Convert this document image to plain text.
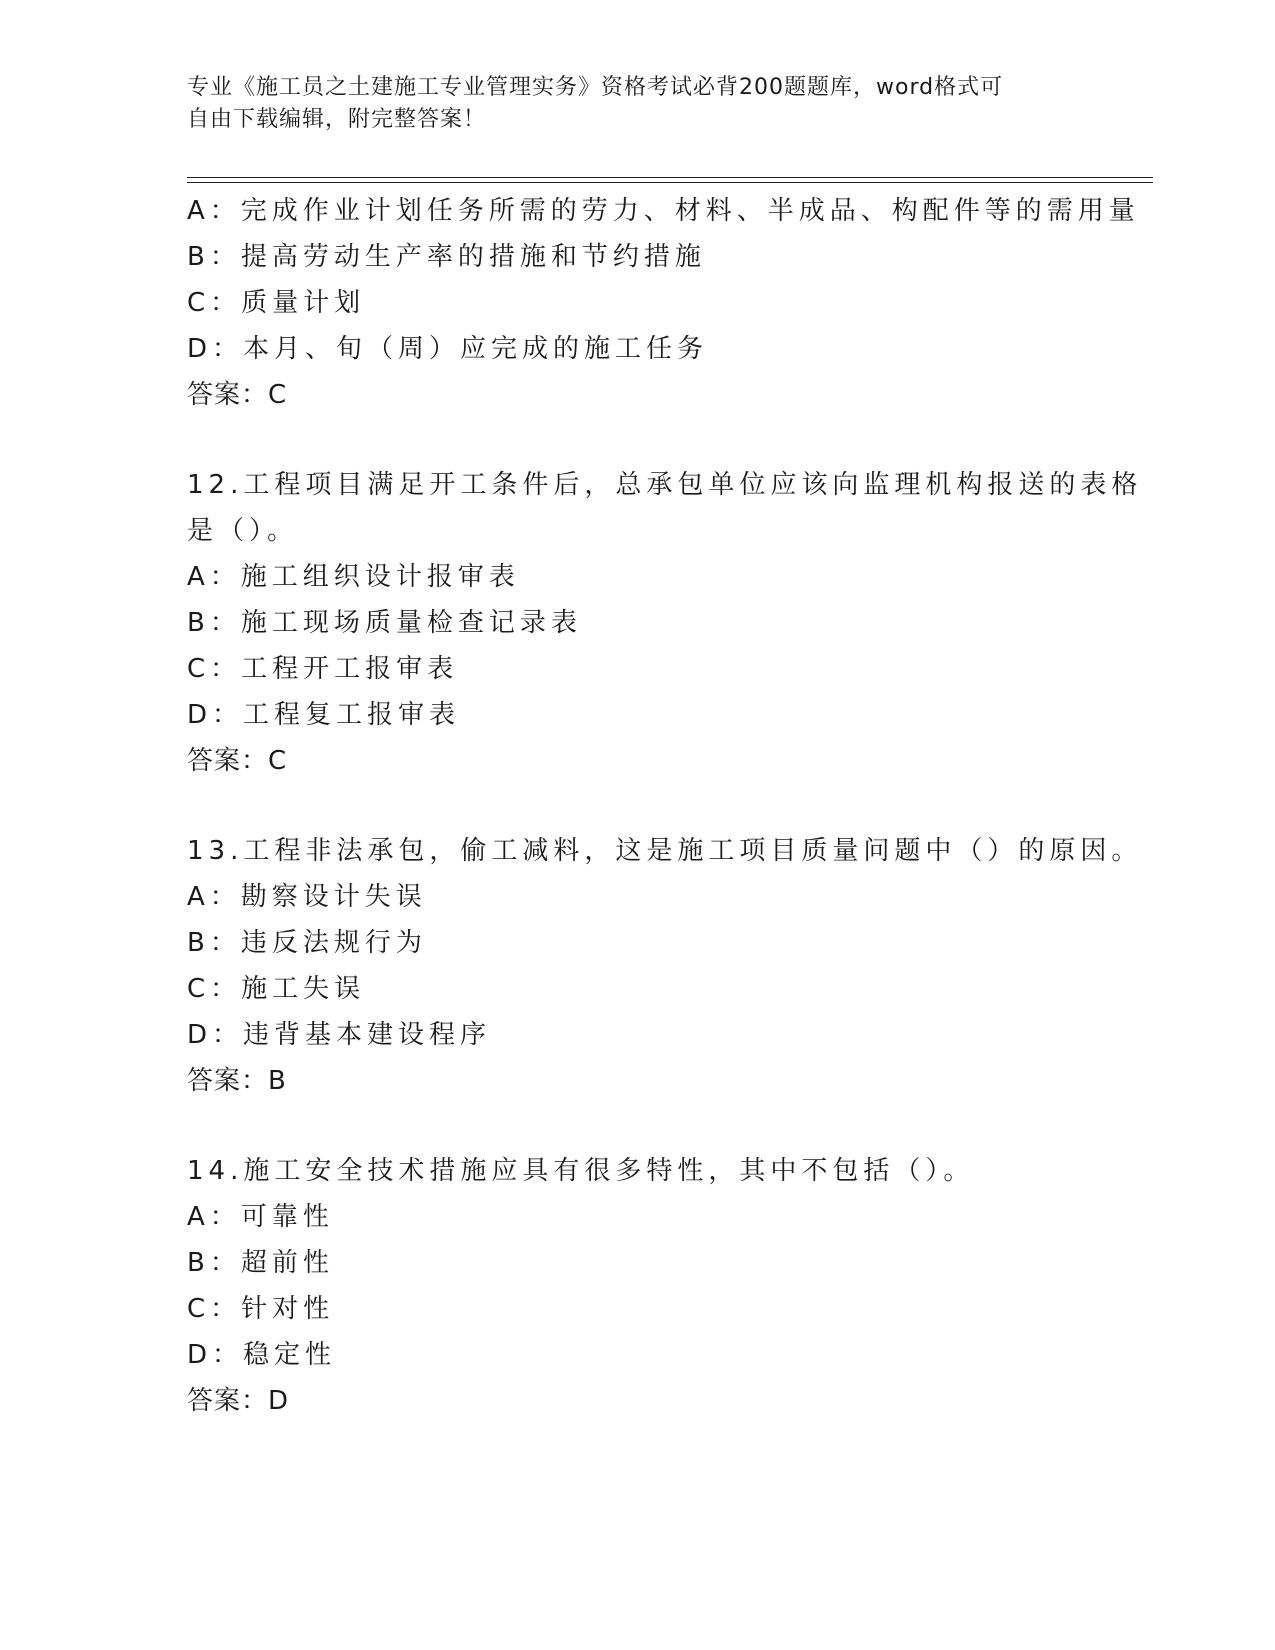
专业《施工员之土建施工专业管理实务》资格考试必背200题题库，word格式可
自由下载编辑，附完整答案！
A：完成作业计划任务所需的劳力、材料、半成品、构配件等的需用量
B：提高劳动生产率的措施和节约措施
C：质量计划
D：本月、旬（周）应完成的施工任务
答案：C
12.工程项目满足开工条件后，总承包单位应该向监理机构报送的表格
是（）。
A：施工组织设计报审表
B：施工现场质量检查记录表
C：工程开工报审表
D：工程复工报审表
答案：C
13.工程非法承包，偷工减料，这是施工项目质量问题中（）的原因。
A：勘察设计失误
B：违反法规行为
C：施工失误
D：违背基本建设程序
答案：B
14.施工安全技术措施应具有很多特性，其中不包括（）。
A：可靠性
B：超前性
C：针对性
D：稳定性
答案：D
